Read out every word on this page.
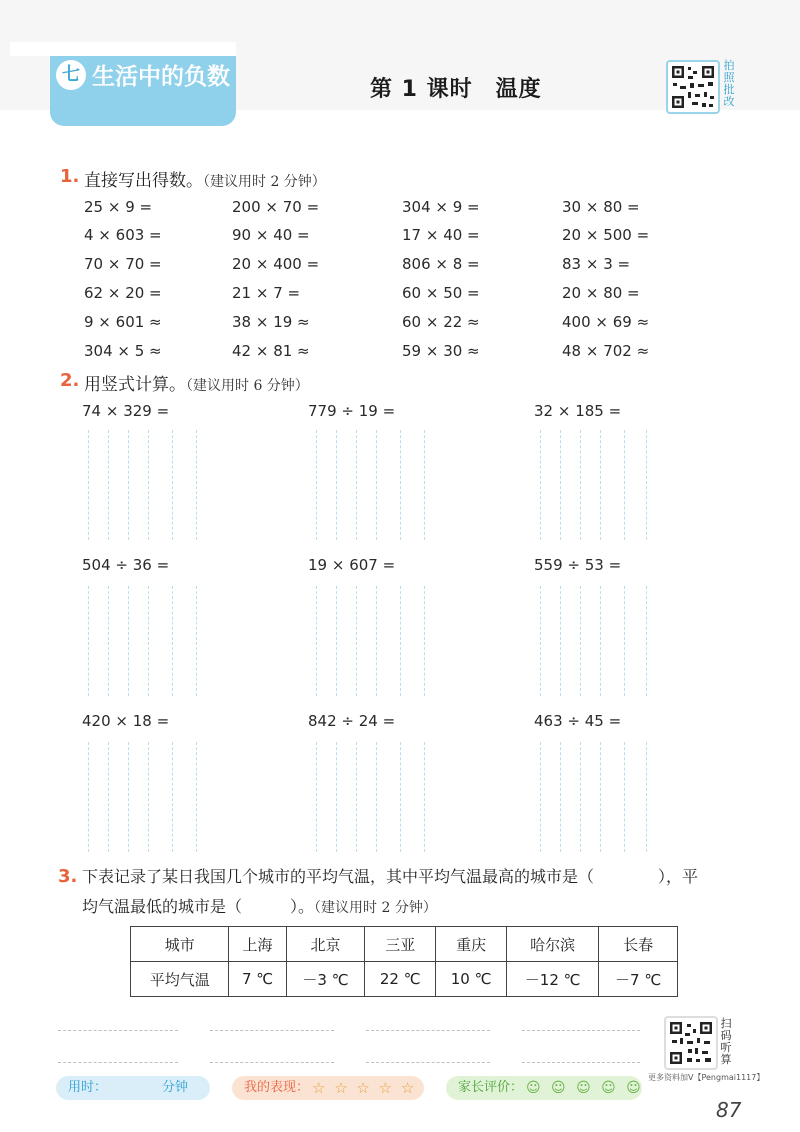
七 生活中的负数	第 1 课时　温度
拍
照
批
改
1. 直接写出得数。（建议用时 2 分钟）
25 × 9 =	200 × 70 =	304 × 9 =	30 × 80 =
4 × 603 =	90 × 40 =	17 × 40 =	20 × 500 =
70 × 70 =	20 × 400 =	806 × 8 =	83 × 3 =
62 × 20 =	21 × 7 =	60 × 50 =	20 × 80 =
9 × 601 ≈	38 × 19 ≈	60 × 22 ≈	400 × 69 ≈
304 × 5 ≈	42 × 81 ≈	59 × 30 ≈	48 × 702 ≈
2. 用竖式计算。（建议用时 6 分钟）
74 × 329 =	779 ÷ 19 =	32 × 185 =
504 ÷ 36 =	19 × 607 =	559 ÷ 53 =
420 × 18 =	842 ÷ 24 =	463 ÷ 45 =
3. 下表记录了某日我国几个城市的平均气温，其中平均气温最高的城市是（　　　　），平
均气温最低的城市是（　　　）。（建议用时 2 分钟）
城市	上海	北京	三亚	重庆	哈尔滨	长春
平均气温	7 ℃	－3 ℃	22 ℃	10 ℃	－12 ℃	－7 ℃
扫
码
听
算
用时：	分钟	我的表现： ☆ ☆ ☆ ☆ ☆	家长评价： ☺ ☺ ☺ ☺ ☺
更多资料加V【Pengmai1117】
87
